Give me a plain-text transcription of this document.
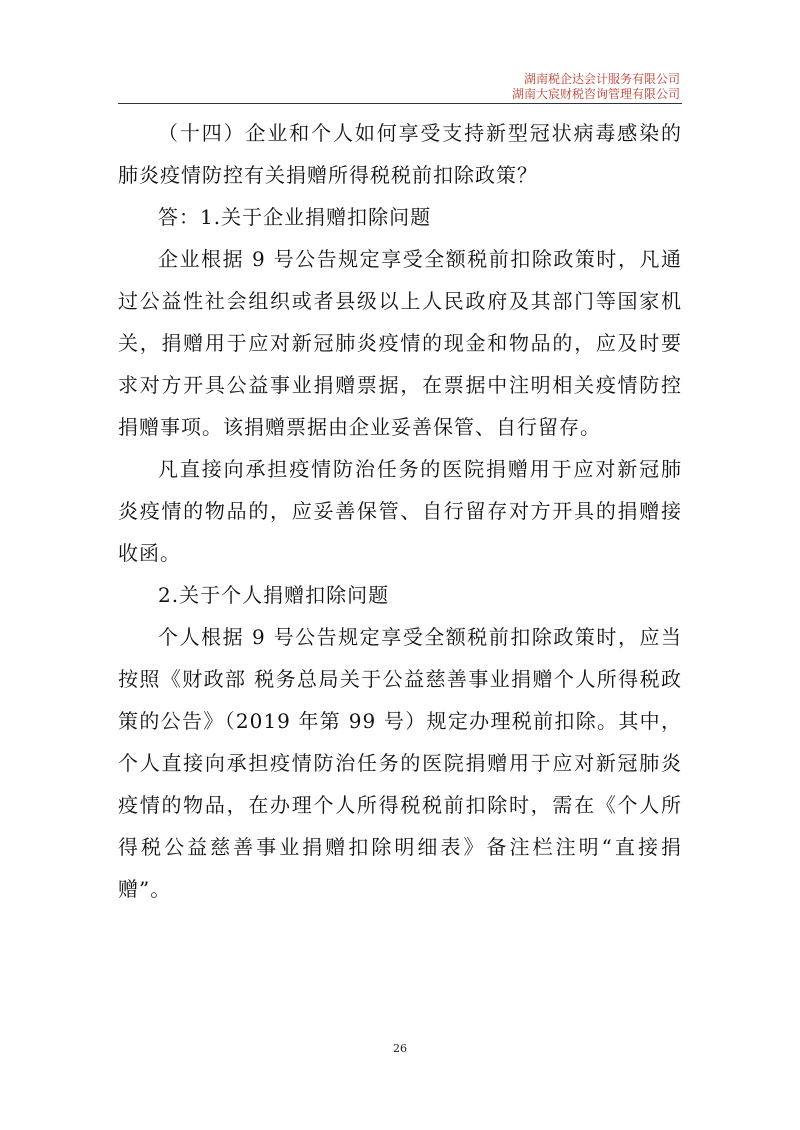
湖南税企达会计服务有限公司
湖南大宸财税咨询管理有限公司

（十四）企业和个人如何享受支持新型冠状病毒感染的肺炎疫情防控有关捐赠所得税税前扣除政策？

答：1.关于企业捐赠扣除问题

企业根据 9 号公告规定享受全额税前扣除政策时，凡通过公益性社会组织或者县级以上人民政府及其部门等国家机关，捐赠用于应对新冠肺炎疫情的现金和物品的，应及时要求对方开具公益事业捐赠票据，在票据中注明相关疫情防控捐赠事项。该捐赠票据由企业妥善保管、自行留存。

凡直接向承担疫情防治任务的医院捐赠用于应对新冠肺炎疫情的物品的，应妥善保管、自行留存对方开具的捐赠接收函。

2.关于个人捐赠扣除问题

个人根据 9 号公告规定享受全额税前扣除政策时，应当按照《财政部 税务总局关于公益慈善事业捐赠个人所得税政策的公告》（2019 年第 99 号）规定办理税前扣除。其中，个人直接向承担疫情防治任务的医院捐赠用于应对新冠肺炎疫情的物品，在办理个人所得税税前扣除时，需在《个人所得税公益慈善事业捐赠扣除明细表》备注栏注明“直接捐赠”。

26
